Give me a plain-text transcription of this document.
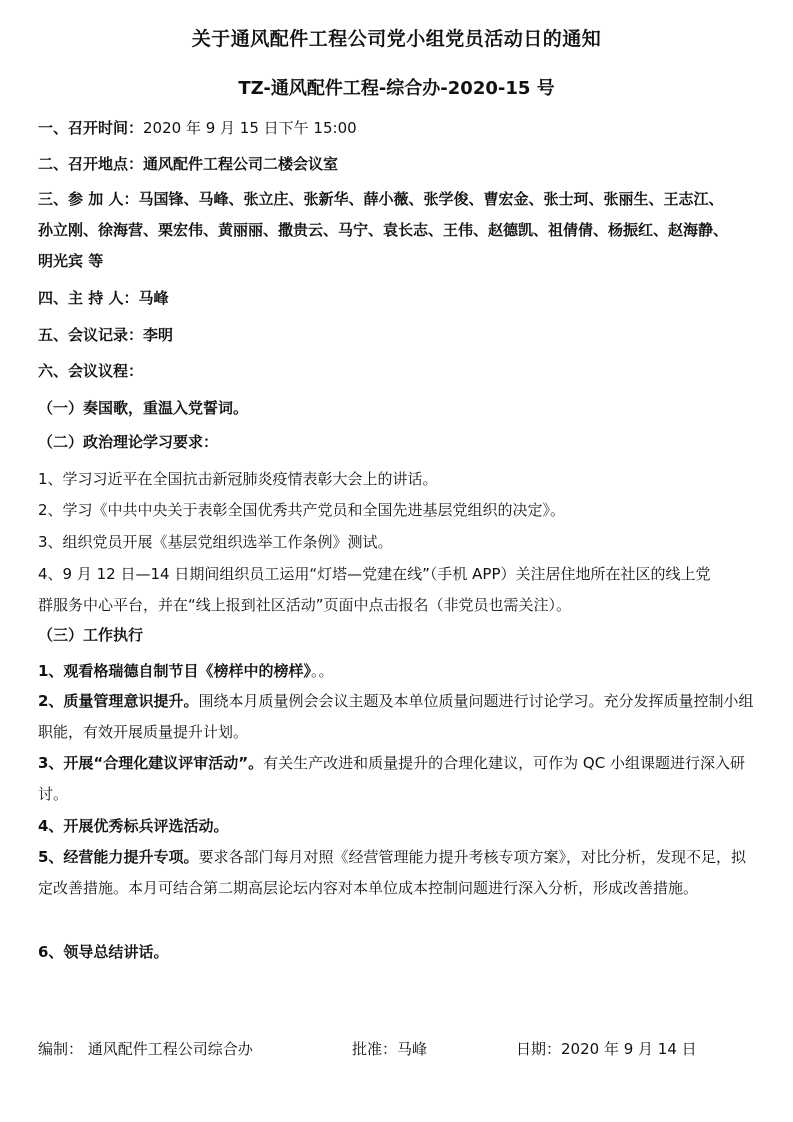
关于通风配件工程公司党小组党员活动日的通知
TZ-通风配件工程-综合办-2020-15 号
一、召开时间：2020 年 9 月 15 日下午 15:00
二、召开地点：通风配件工程公司二楼会议室
三、参 加 人：马国锋、马峰、张立庄、张新华、薛小薇、张学俊、曹宏金、张士珂、张丽生、王志江、
孙立刚、徐海营、栗宏伟、黄丽丽、撒贵云、马宁、袁长志、王伟、赵德凯、祖倩倩、杨振红、赵海静、
明光宾 等
四、主 持 人：马峰
五、会议记录：李明
六、会议议程：
（一）奏国歌，重温入党誓词。
（二）政治理论学习要求：
1、学习习近平在全国抗击新冠肺炎疫情表彰大会上的讲话。
2、学习《中共中央关于表彰全国优秀共产党员和全国先进基层党组织的决定》。
3、组织党员开展《基层党组织选举工作条例》测试。
4、9 月 12 日—14 日期间组织员工运用“灯塔—党建在线”（手机 APP）关注居住地所在社区的线上党
群服务中心平台，并在“线上报到社区活动”页面中点击报名（非党员也需关注）。
（三）工作执行
1、观看格瑞德自制节目《榜样中的榜样》。。
2、质量管理意识提升。围绕本月质量例会会议主题及本单位质量问题进行讨论学习。充分发挥质量控制小组职能，有效开展质量提升计划。
3、开展“合理化建议评审活动”。有关生产改进和质量提升的合理化建议，可作为 QC 小组课题进行深入研讨。
4、开展优秀标兵评选活动。
5、经营能力提升专项。要求各部门每月对照《经营管理能力提升考核专项方案》，对比分析，发现不足，拟定改善措施。本月可结合第二期高层论坛内容对本单位成本控制问题进行深入分析，形成改善措施。
6、领导总结讲话。
编制： 通风配件工程公司综合办	批准：马峰	日期：2020 年 9 月 14 日
